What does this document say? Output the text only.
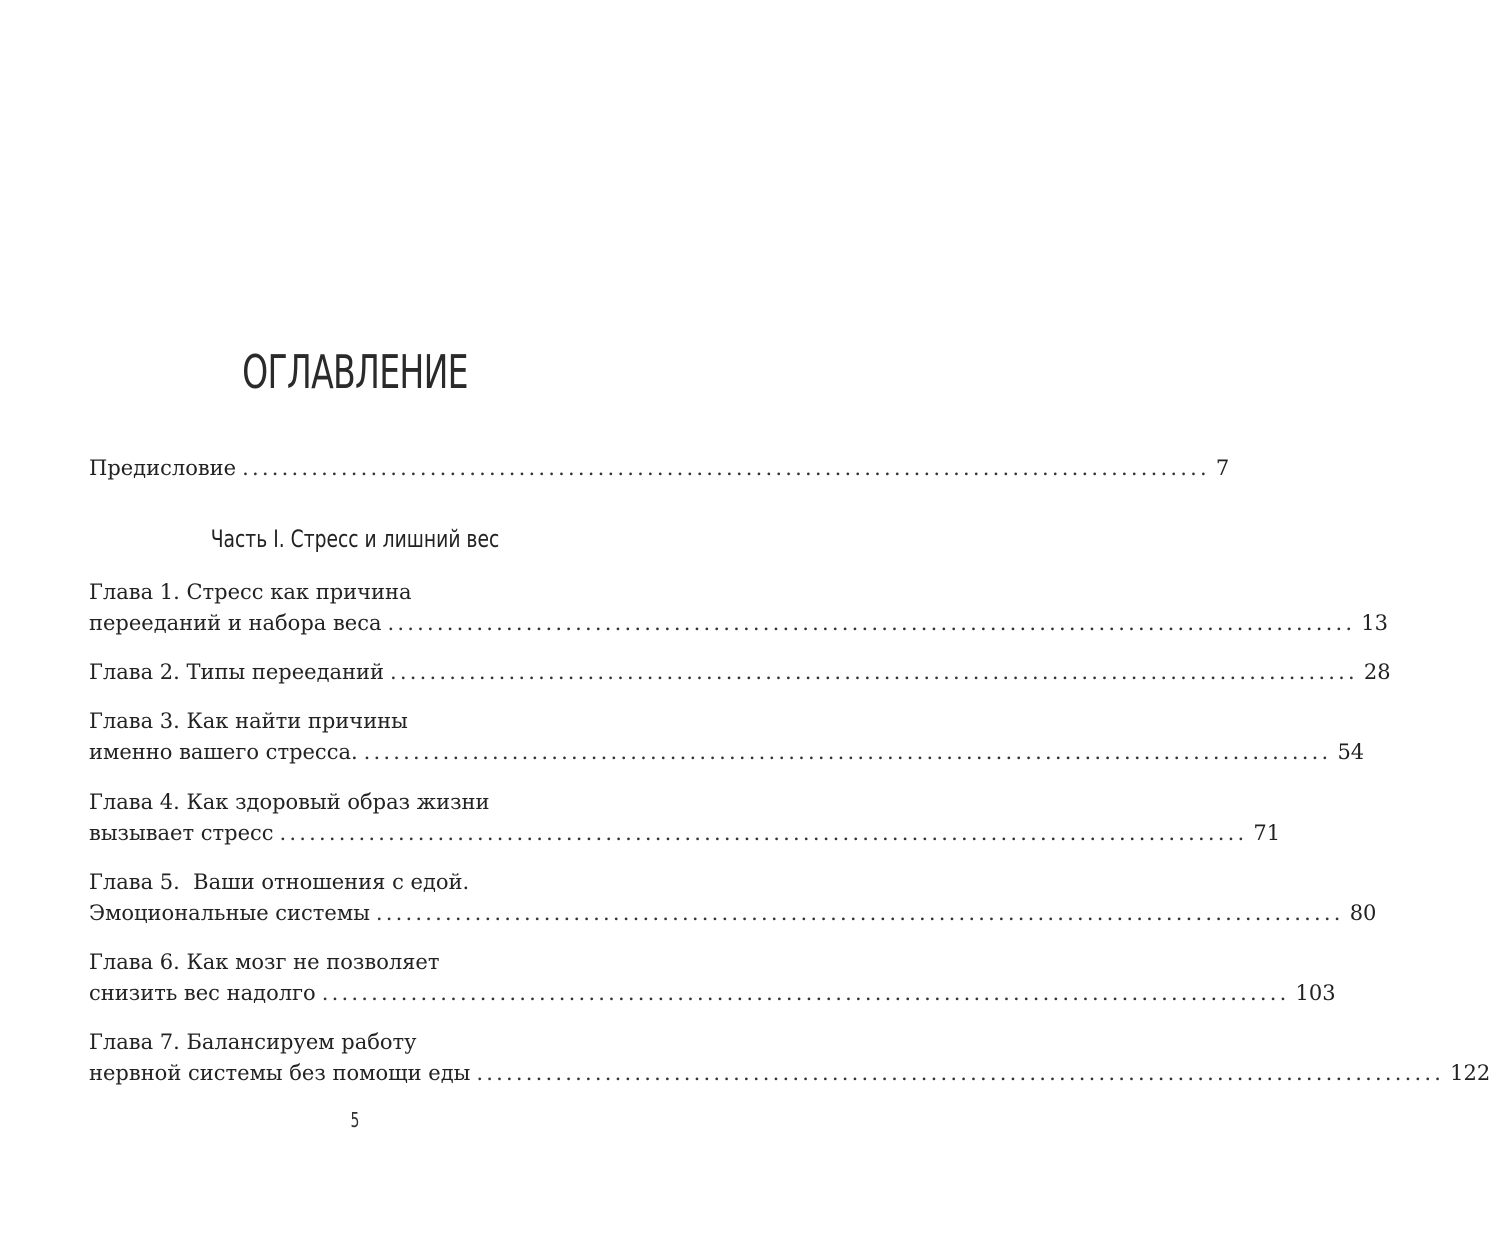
ОГЛАВЛЕНИЕ
Предисловие .................................................................................................. 7
Глава 1. Стресс как причина
перееданий и набора веса .................................................................................................. 13
Глава 2. Типы перееданий .................................................................................................. 28
Глава 3. Как найти причины
именно вашего стресса. .................................................................................................. 54
Глава 4. Как здоровый образ жизни
вызывает стресс .................................................................................................. 71
Глава 5.  Ваши отношения с едой.
Эмоциональные системы .................................................................................................. 80
Глава 6. Как мозг не позволяет
снизить вес надолго .................................................................................................. 103
Глава 7. Балансируем работу
нервной системы без помощи еды .................................................................................................. 122
Часть I. Стресс и лишний вес
5
